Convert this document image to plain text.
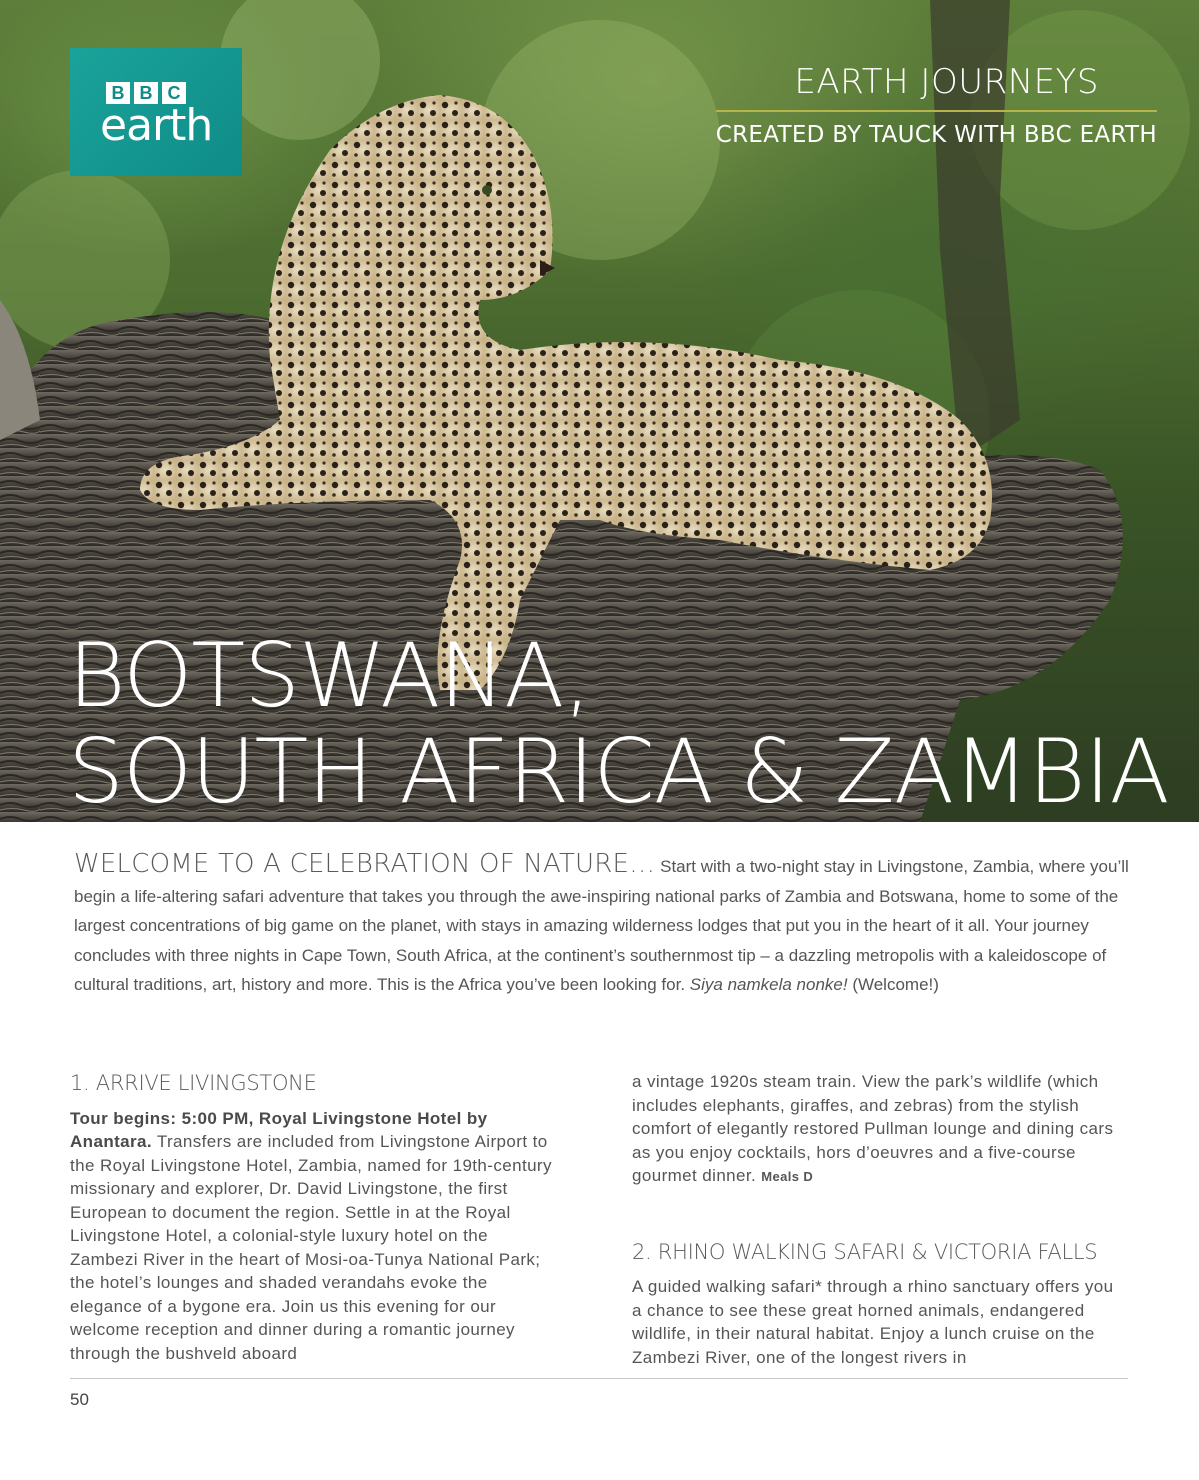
B B C
earth
EARTH JOURNEYS
CREATED BY TAUCK WITH BBC EARTH
BOTSWANA,
SOUTH AFRICA & ZAMBIA
WELCOME TO A CELEBRATION OF NATURE… Start with a two-night stay in Livingstone, Zambia, where you’ll begin a life-altering safari adventure that takes you through the awe-inspiring national parks of Zambia and Botswana, home to some of the largest concentrations of big game on the planet, with stays in amazing wilderness lodges that put you in the heart of it all. Your journey concludes with three nights in Cape Town, South Africa, at the continent’s southernmost tip – a dazzling metropolis with a kaleidoscope of cultural traditions, art, history and more. This is the Africa you’ve been looking for. Siya namkela nonke! (Welcome!)
1. ARRIVE LIVINGSTONE
Tour begins: 5:00 PM, Royal Livingstone Hotel by Anantara. Transfers are included from Livingstone Airport to the Royal Livingstone Hotel, Zambia, named for 19th-century missionary and explorer, Dr. David Livingstone, the first European to document the region. Settle in at the Royal Livingstone Hotel, a colonial-style luxury hotel on the Zambezi River in the heart of Mosi-oa-Tunya National Park; the hotel’s lounges and shaded verandahs evoke the elegance of a bygone era. Join us this evening for our welcome reception and dinner during a romantic journey through the bushveld aboard
a vintage 1920s steam train. View the park’s wildlife (which includes elephants, giraffes, and zebras) from the stylish comfort of elegantly restored Pullman lounge and dining cars as you enjoy cocktails, hors d’oeuvres and a five-course gourmet dinner. Meals D
2. RHINO WALKING SAFARI & VICTORIA FALLS
A guided walking safari* through a rhino sanctuary offers you a chance to see these great horned animals, endangered wildlife, in their natural habitat. Enjoy a lunch cruise on the Zambezi River, one of the longest rivers in
50
